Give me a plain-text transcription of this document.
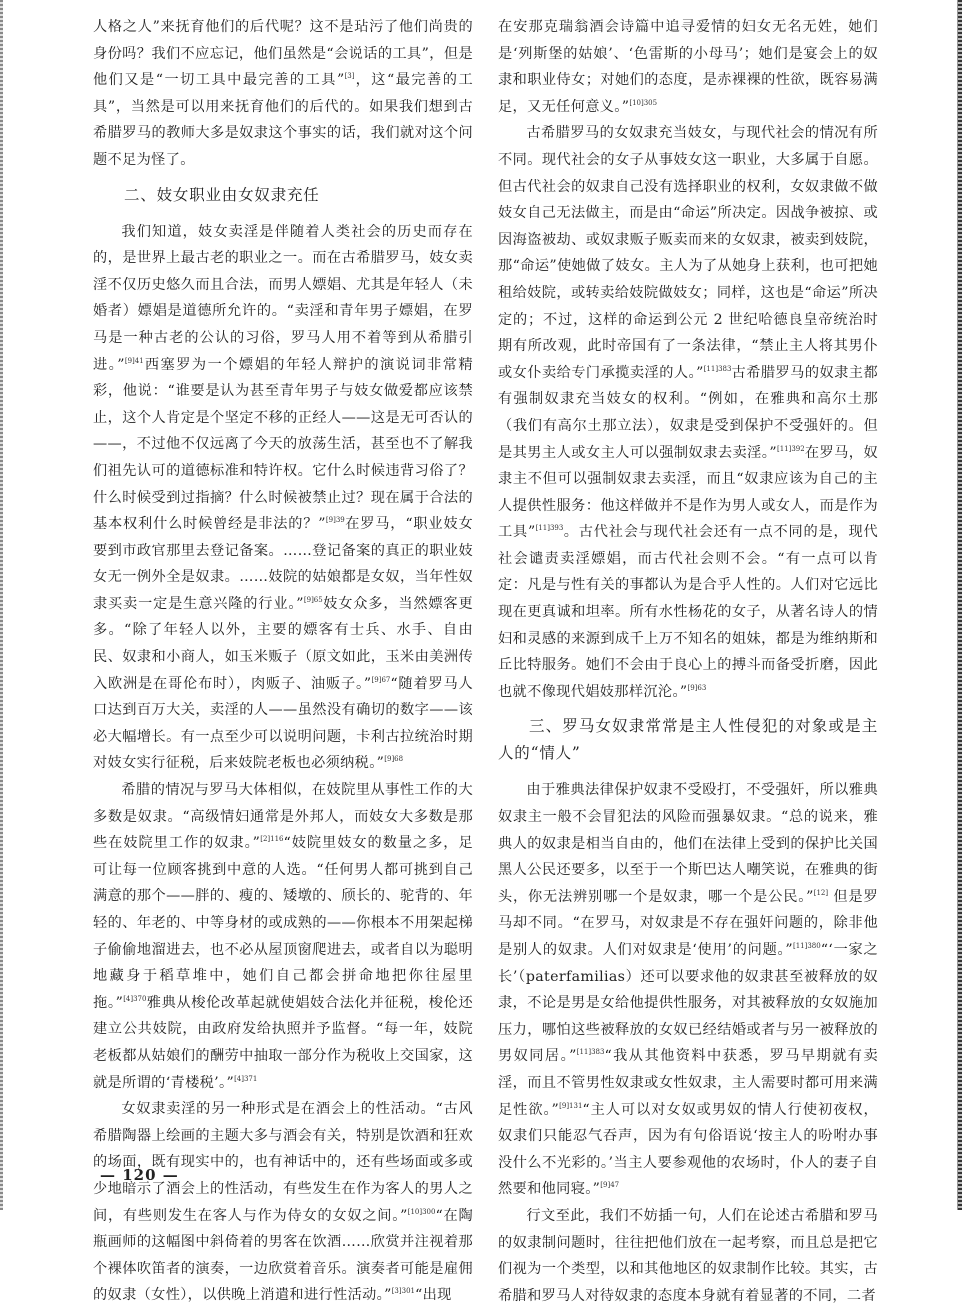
人格之人”来抚育他们的后代呢？这不是玷污了他们尚贵的身份吗？我们不应忘记，他们虽然是“会说话的工具”，但是他们又是“一切工具中最完善的工具”[3]，这“最完善的工具”，当然是可以用来抚育他们的后代的。如果我们想到古希腊罗马的教师大多是奴隶这个事实的话，我们就对这个问题不足为怪了。

二、妓女职业由女奴隶充任

我们知道，妓女卖淫是伴随着人类社会的历史而存在的，是世界上最古老的职业之一。而在古希腊罗马，妓女卖淫不仅历史悠久而且合法，而男人嫖娼、尤其是年轻人（未婚者）嫖娼是道德所允许的。“卖淫和青年男子嫖娼，在罗马是一种古老的公认的习俗，罗马人用不着等到从希腊引进。”$^{[9]41}$西塞罗为一个嫖娼的年轻人辩护的演说词非常精彩，他说：“谁要是认为甚至青年男子与妓女做爱都应该禁止，这个人肯定是个坚定不移的正经人——这是无可否认的——，不过他不仅远离了今天的放荡生活，甚至也不了解我们祖先认可的道德标准和特许权。它什么时候违背习俗了？什么时候受到过指摘？什么时候被禁止过？现在属于合法的基本权利什么时候曾经是非法的？”$^{[9]39}$在罗马，“职业妓女要到市政官那里去登记备案。……登记备案的真正的职业妓女无一例外全是奴隶。……妓院的姑娘都是女奴，当年性奴隶买卖一定是生意兴隆的行业。”$^{[9]65}$妓女众多，当然嫖客更多。“除了年轻人以外，主要的嫖客有士兵、水手、自由民、奴隶和小商人，如玉米贩子（原文如此，玉米由美洲传入欧洲是在哥伦布时），肉贩子、油贩子。”$^{[9]67}$“随着罗马人口达到百万大关，卖淫的人——虽然没有确切的数字——该必大幅增长。有一点至少可以说明问题，卡利古拉统治时期对妓女实行征税，后来妓院老板也必须纳税。”$^{[9]68}$

希腊的情况与罗马大体相似，在妓院里从事性工作的大多数是奴隶。“高级情妇通常是外邦人，而妓女大多数是那些在妓院里工作的奴隶。”$^{[2]116}$“妓院里妓女的数量之多，足可让每一位顾客挑到中意的人选。“任何男人都可挑到自己满意的那个——胖的、瘦的、矮墩的、颀长的、驼背的、年轻的、年老的、中等身材的或成熟的——你根本不用架起梯子偷偷地溜进去，也不必从屋顶窗爬进去，或者自以为聪明地藏身于稻草堆中，她们自己都会拼命地把你往屋里拖。”$^{[4]370}$雅典从梭伦改革起就使娼妓合法化并征税，梭伦还建立公共妓院，由政府发给执照并予监督。“每一年，妓院老板都从姑娘们的酬劳中抽取一部分作为税收上交国家，这就是所谓的‘青楼税’。”$^{[4]371}$

女奴隶卖淫的另一种形式是在酒会上的性活动。“古风希腊陶器上绘画的主题大多与酒会有关，特别是饮酒和狂欢的场面，既有现实中的，也有神话中的，还有些场面或多或少地暗示了酒会上的性活动，有些发生在作为客人的男人之间，有些则发生在客人与作为侍女的女奴之间。”$^{[10]300}$“在陶瓶画师的这幅图中斜倚着的男客在饮酒……欣赏并注视着那个裸体吹笛者的演奏，一边欣赏着音乐。演奏者可能是雇佣的奴隶（女性），以供晚上消遣和进行性活动。”$^{[3]301}$“出现

在安那克瑞翁酒会诗篇中追寻爱情的妇女无名无姓，她们是‘列斯堡的姑娘’、‘色雷斯的小母马’；她们是宴会上的奴隶和职业侍女；对她们的态度，是赤裸裸的性欲，既容易满足，又无任何意义。”$^{[10]305}$

古希腊罗马的女奴隶充当妓女，与现代社会的情况有所不同。现代社会的女子从事妓女这一职业，大多属于自愿。但古代社会的奴隶自己没有选择职业的权利，女奴隶做不做妓女自己无法做主，而是由“命运”所决定。因战争被掠、或因海盗被劫、或奴隶贩子贩卖而来的女奴隶，被卖到妓院，那“命运”使她做了妓女。主人为了从她身上获利，也可把她租给妓院，或转卖给妓院做妓女；同样，这也是“命运”所决定的；不过，这样的命运到公元 2 世纪哈德良皇帝统治时期有所改观，此时帝国有了一条法律，“禁止主人将其男仆或女仆卖给专门承揽卖淫的人。”$^{[11]383}$古希腊罗马的奴隶主都有强制奴隶充当妓女的权利。“例如，在雅典和高尔土那（我们有高尔土那立法），奴隶是受到保护不受强奸的。但是其男主人或女主人可以强制奴隶去卖淫。”$^{[11]392}$在罗马，奴隶主不但可以强制奴隶去卖淫，而且“奴隶应该为自己的主人提供性服务：他这样做并不是作为男人或女人，而是作为工具”$^{[11]393}$。古代社会与现代社会还有一点不同的是，现代社会谴责卖淫嫖娼，而古代社会则不会。“有一点可以肯定：凡是与性有关的事都认为是合乎人性的。人们对它远比现在更真诚和坦率。所有水性杨花的女子，从著名诗人的情妇和灵感的来源到成千上万不知名的姐妹，都是为维纳斯和丘比特服务。她们不会由于良心上的搏斗而备受折磨，因此也就不像现代娼妓那样沉沦。”$^{[9]63}$

三、罗马女奴隶常常是主人性侵犯的对象或是主人的“情人”

由于雅典法律保护奴隶不受殴打，不受强奸，所以雅典奴隶主一般不会冒犯法的风险而强暴奴隶。“总的说来，雅典人的奴隶是相当自由的，他们在法律上受到的保护比关国黑人公民还要多，以至于一个斯巴达人嘲笑说，在雅典的街头，你无法辨别哪一个是奴隶，哪一个是公民。”[12] 但是罗马却不同。“在罗马，对奴隶是不存在强奸问题的，除非他是别人的奴隶。人们对奴隶是‘使用’的问题。”$^{[11]380}$“‘一家之长’（paterfamilias）还可以要求他的奴隶甚至被释放的奴隶，不论是男是女给他提供性服务，对其被释放的女奴施加压力，哪怕这些被释放的女奴已经结婚或者与另一被释放的男奴同居。”$^{[11]383}$“我从其他资料中获悉，罗马早期就有卖淫，而且不管男性奴隶或女性奴隶，主人需要时都可用来满足性欲。”$^{[9]131}$“主人可以对女奴或男奴的情人行使初夜权，奴隶们只能忍气吞声，因为有句俗语说‘按主人的吩咐办事没什么不光彩的。’当主人要参观他的农场时，仆人的妻子自然要和他同寝。”$^{[9]47}$

行文至此，我们不妨插一句，人们在论述古希腊和罗马的奴隶制问题时，往往把他们放在一起考察，而且总是把它们视为一个类型，以和其他地区的奴隶制作比较。其实，古希腊和罗马人对待奴隶的态度本身就有着显著的不同，二者

— 120 —
